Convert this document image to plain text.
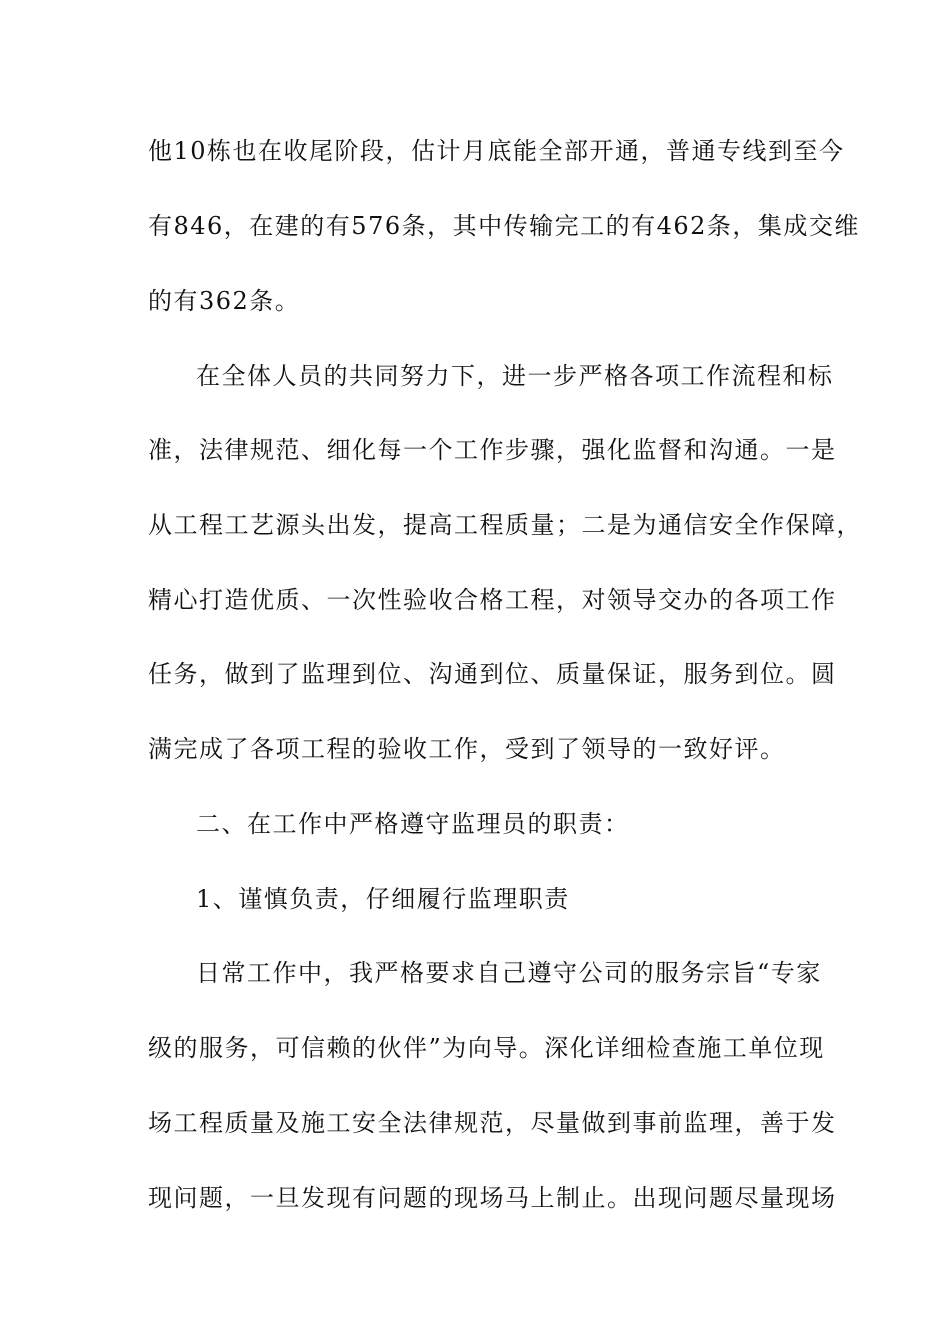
他10栋也在收尾阶段，估计月底能全部开通，普通专线到至今
有846，在建的有576条，其中传输完工的有462条，集成交维
的有362条。
在全体人员的共同努力下，进一步严格各项工作流程和标
准，法律规范、细化每一个工作步骤，强化监督和沟通。一是
从工程工艺源头出发，提高工程质量；二是为通信安全作保障，
精心打造优质、一次性验收合格工程，对领导交办的各项工作
任务，做到了监理到位、沟通到位、质量保证，服务到位。圆
满完成了各项工程的验收工作，受到了领导的一致好评。
二、在工作中严格遵守监理员的职责：
1、谨慎负责，仔细履行监理职责
日常工作中，我严格要求自己遵守公司的服务宗旨“专家
级的服务，可信赖的伙伴”为向导。深化详细检查施工单位现
场工程质量及施工安全法律规范，尽量做到事前监理，善于发
现问题，一旦发现有问题的现场马上制止。出现问题尽量现场
